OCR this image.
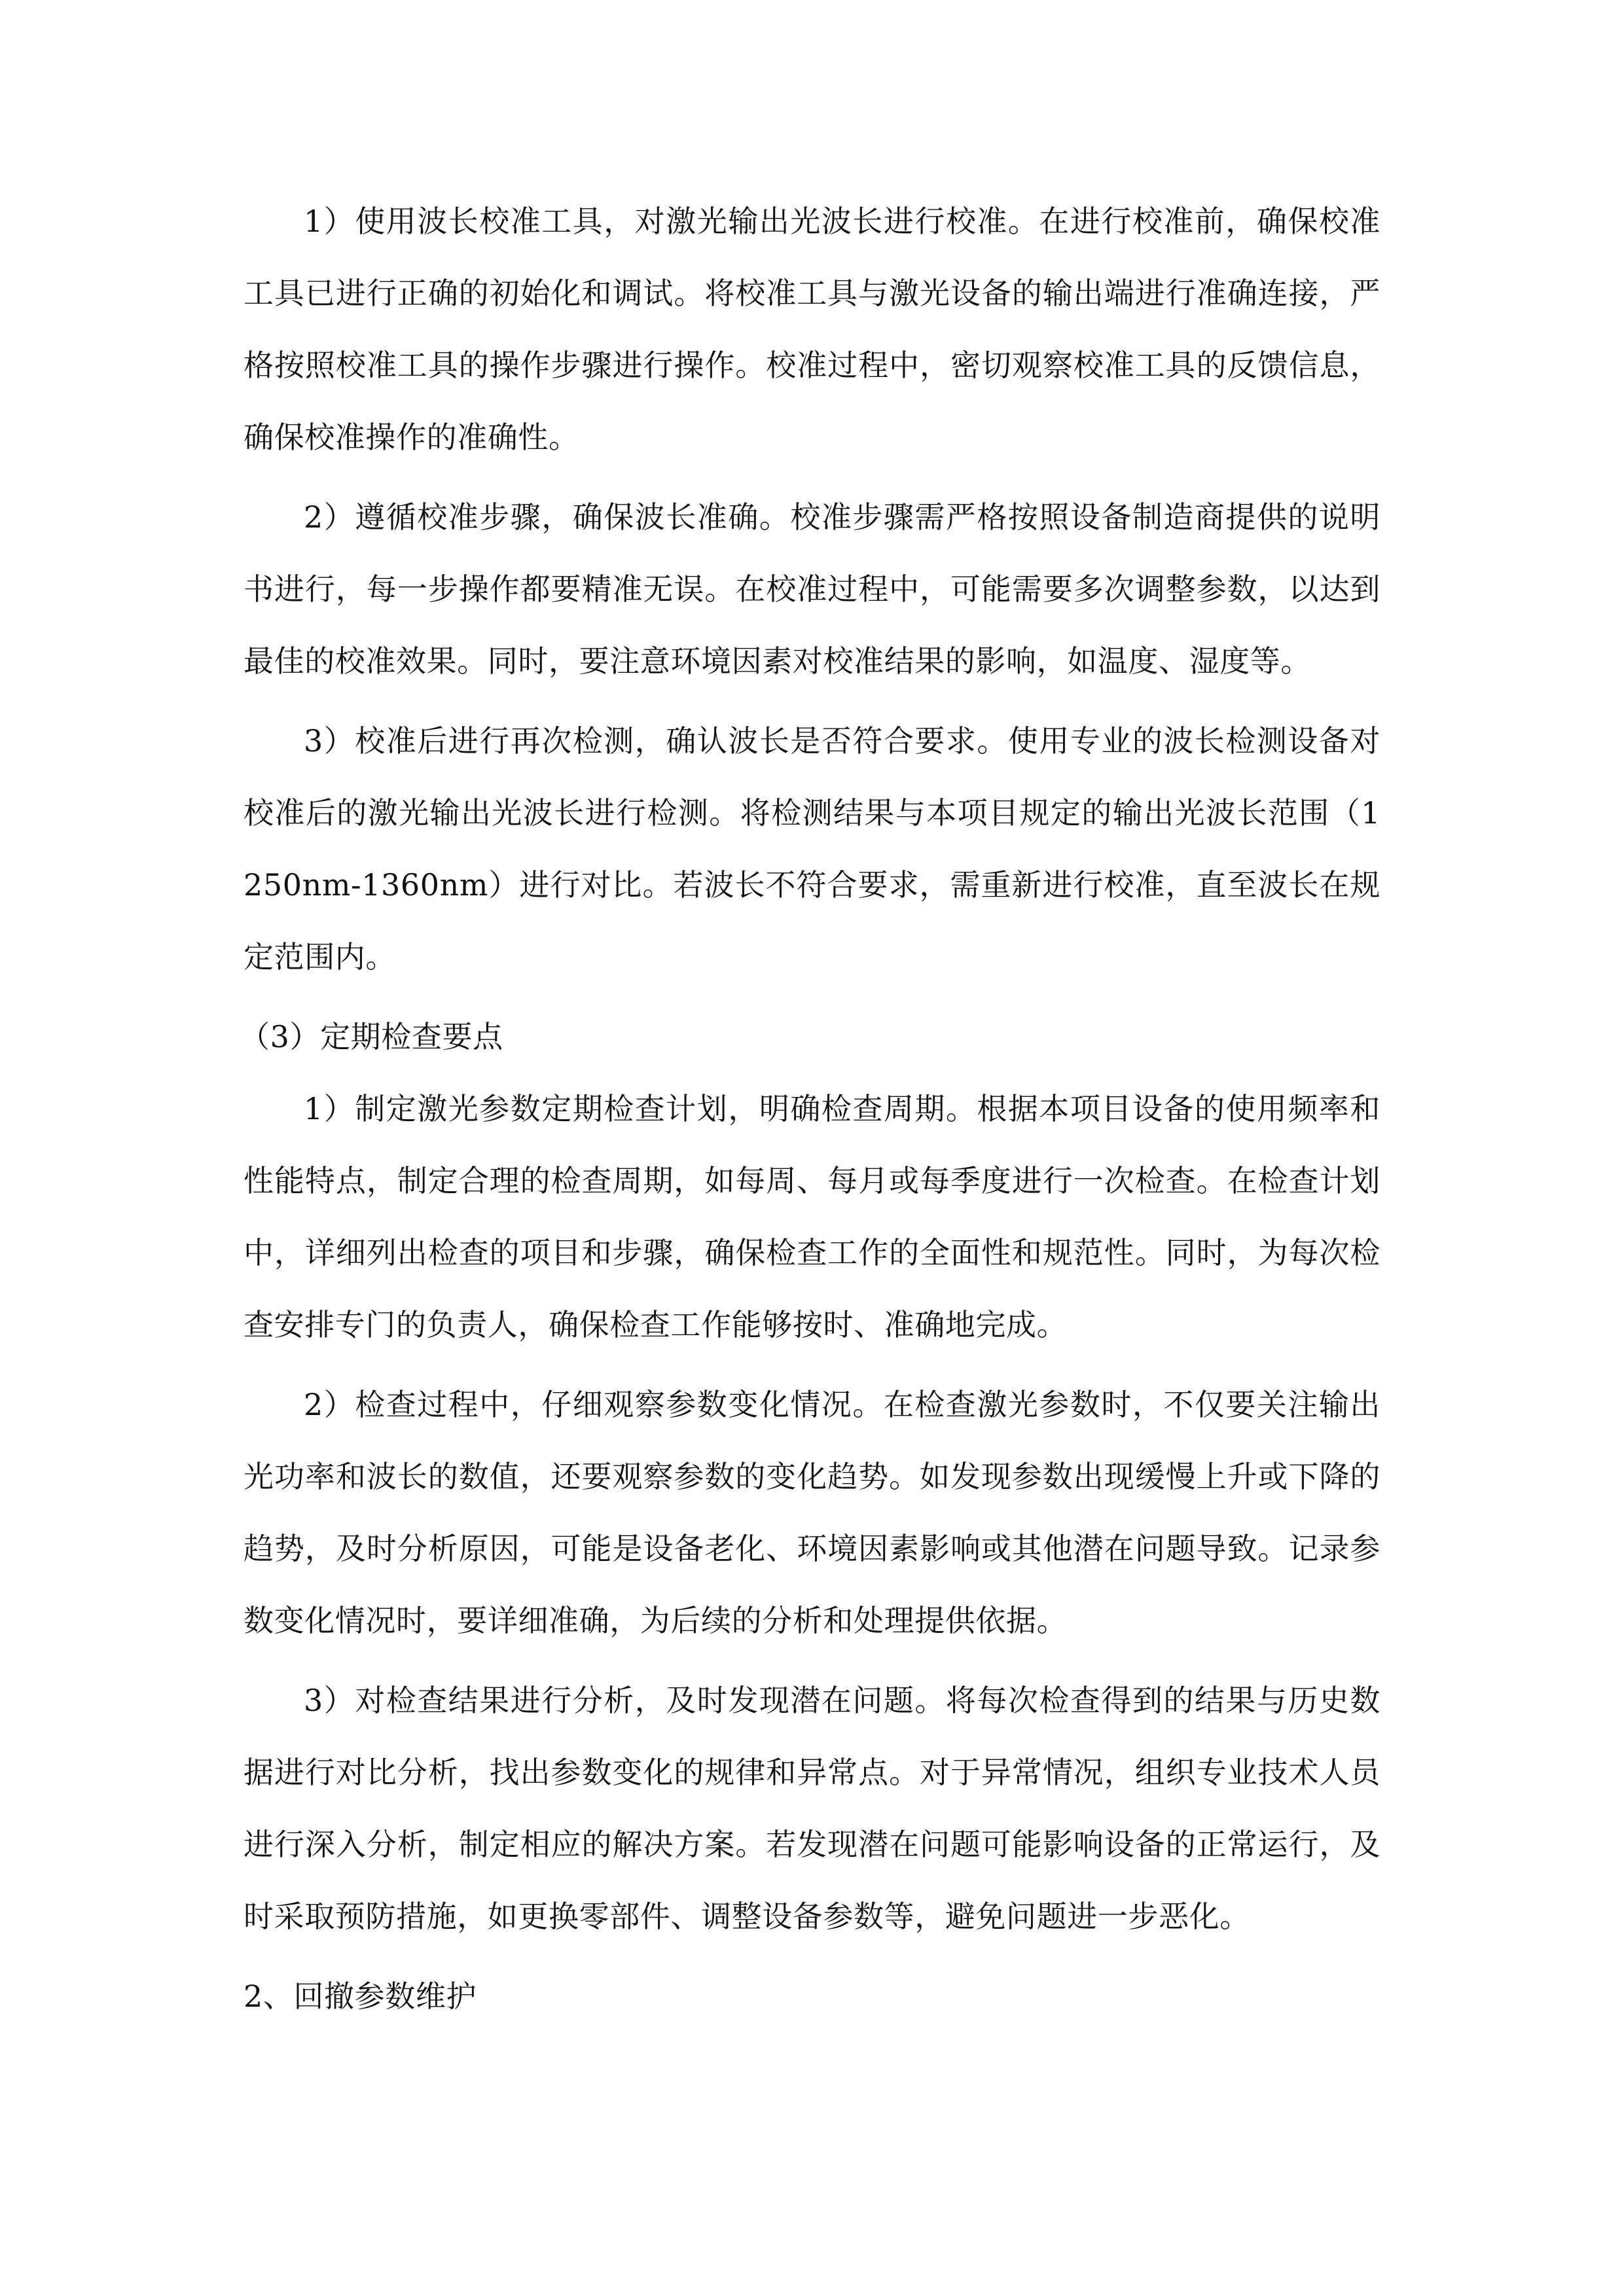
1）使用波长校准工具，对激光输出光波长进行校准。在进行校准前，确保校准工具已进行正确的初始化和调试。将校准工具与激光设备的输出端进行准确连接，严格按照校准工具的操作步骤进行操作。校准过程中，密切观察校准工具的反馈信息，确保校准操作的准确性。

2）遵循校准步骤，确保波长准确。校准步骤需严格按照设备制造商提供的说明书进行，每一步操作都要精准无误。在校准过程中，可能需要多次调整参数，以达到最佳的校准效果。同时，要注意环境因素对校准结果的影响，如温度、湿度等。

3）校准后进行再次检测，确认波长是否符合要求。使用专业的波长检测设备对校准后的激光输出光波长进行检测。将检测结果与本项目规定的输出光波长范围（1250nm-1360nm）进行对比。若波长不符合要求，需重新进行校准，直至波长在规定范围内。

（3）定期检查要点

1）制定激光参数定期检查计划，明确检查周期。根据本项目设备的使用频率和性能特点，制定合理的检查周期，如每周、每月或每季度进行一次检查。在检查计划中，详细列出检查的项目和步骤，确保检查工作的全面性和规范性。同时，为每次检查安排专门的负责人，确保检查工作能够按时、准确地完成。

2）检查过程中，仔细观察参数变化情况。在检查激光参数时，不仅要关注输出光功率和波长的数值，还要观察参数的变化趋势。如发现参数出现缓慢上升或下降的趋势，及时分析原因，可能是设备老化、环境因素影响或其他潜在问题导致。记录参数变化情况时，要详细准确，为后续的分析和处理提供依据。

3）对检查结果进行分析，及时发现潜在问题。将每次检查得到的结果与历史数据进行对比分析，找出参数变化的规律和异常点。对于异常情况，组织专业技术人员进行深入分析，制定相应的解决方案。若发现潜在问题可能影响设备的正常运行，及时采取预防措施，如更换零部件、调整设备参数等，避免问题进一步恶化。

2、回撤参数维护
